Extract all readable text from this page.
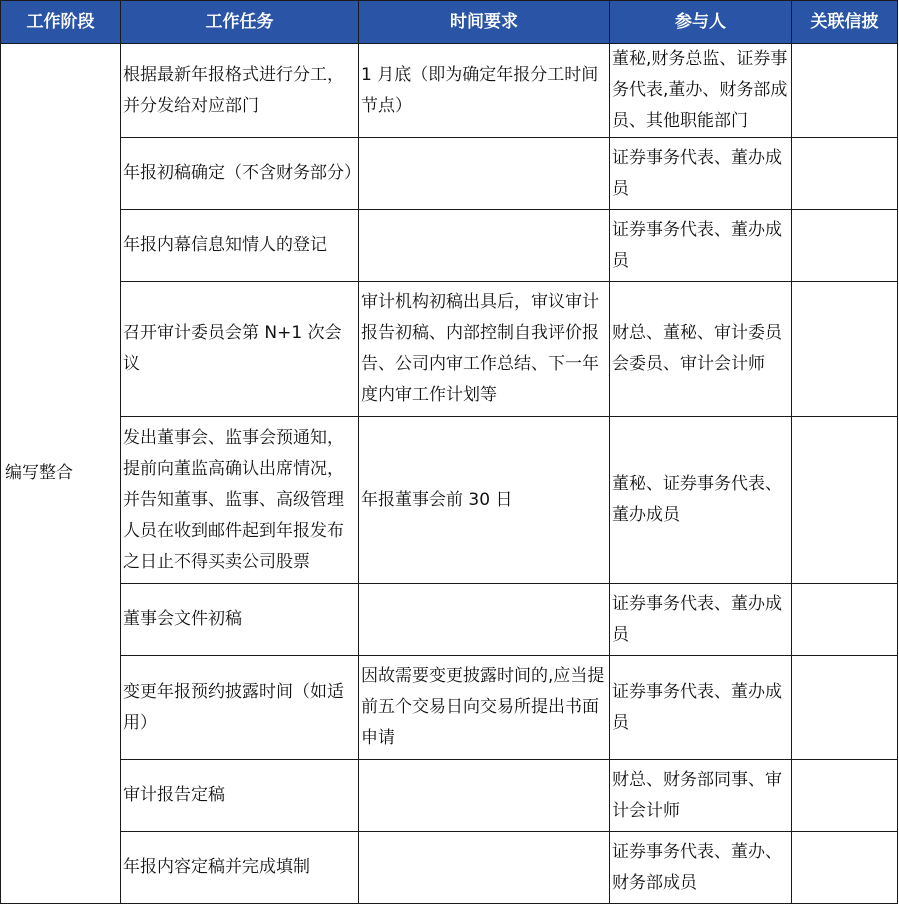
工作阶段	工作任务	时间要求	参与人	关联信披
编写整合	根据最新年报格式进行分工，并分发给对应部门	1 月底（即为确定年报分工时间节点）	董秘,财务总监、证券事务代表,董办、财务部成员、其他职能部门	
	年报初稿确定（不含财务部分）		证券事务代表、董办成员	
	年报内幕信息知情人的登记		证券事务代表、董办成员	
	召开审计委员会第 N+1 次会议	审计机构初稿出具后，审议审计报告初稿、内部控制自我评价报告、公司内审工作总结、下一年度内审工作计划等	财总、董秘、审计委员会委员、审计会计师	
	发出董事会、监事会预通知，提前向董监高确认出席情况，并告知董事、监事、高级管理人员在收到邮件起到年报发布之日止不得买卖公司股票	年报董事会前 30 日	董秘、证券事务代表、董办成员	
	董事会文件初稿		证券事务代表、董办成员	
	变更年报预约披露时间（如适用）	因故需要变更披露时间的,应当提前五个交易日向交易所提出书面申请	证券事务代表、董办成员	
	审计报告定稿		财总、财务部同事、审计会计师	
	年报内容定稿并完成填制		证券事务代表、董办、财务部成员	
